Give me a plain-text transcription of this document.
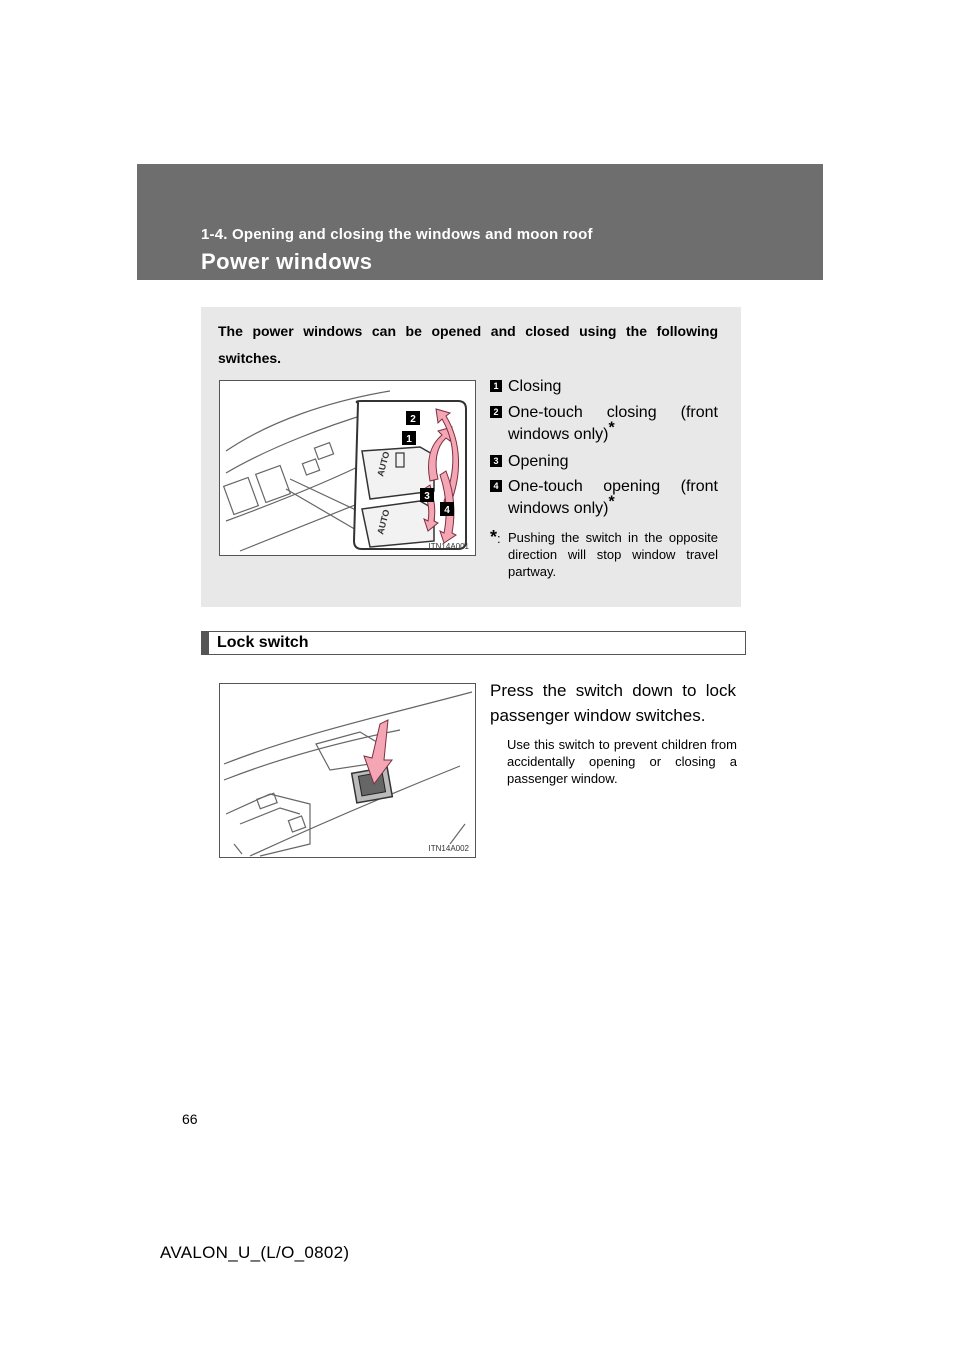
1-4. Opening and closing the windows and moon roof
Power windows
The power windows can be opened and closed using the following switches.
AUTO
AUTO
2
1
3
4
ITN14A001
1 Closing
2 One-touch closing (front windows only)*
3 Opening
4 One-touch opening (front windows only)*
*: Pushing the switch in the opposite direction will stop window travel partway.
Lock switch
ITN14A002
Press the switch down to lock passenger window switches.
Use this switch to prevent children from accidentally opening or closing a passenger window.
66
AVALON_U_(L/O_0802)
